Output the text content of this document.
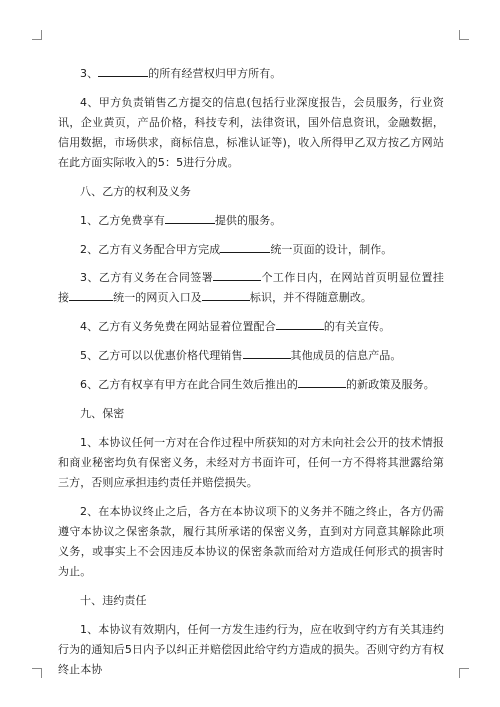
3、	的所有经营权归甲方所有。

4、甲方负责销售乙方提交的信息(包括行业深度报告，会员服务，行业资讯，企业黄页，产品价格，科技专利，法律资讯，国外信息资讯，金融数据，信用数据，市场供求，商标信息，标准认证等)，收入所得甲乙双方按乙方网站在此方面实际收入的5：5进行分成。

八、乙方的权利及义务

1、乙方免费享有	提供的服务。

2、乙方有义务配合甲方完成	统一页面的设计，制作。

3、乙方有义务在合同签署	个工作日内，在网站首页明显位置挂接	统一的网页入口及	标识，并不得随意删改。

4、乙方有义务免费在网站显着位置配合	的有关宣传。

5、乙方可以以优惠价格代理销售	其他成员的信息产品。

6、乙方有权享有甲方在此合同生效后推出的	的新政策及服务。

九、保密

1、本协议任何一方对在合作过程中所获知的对方未向社会公开的技术情报和商业秘密均负有保密义务，未经对方书面许可，任何一方不得将其泄露给第三方，否则应承担违约责任并赔偿损失。

2、在本协议终止之后，各方在本协议项下的义务并不随之终止，各方仍需遵守本协议之保密条款，履行其所承诺的保密义务，直到对方同意其解除此项义务，或事实上不会因违反本协议的保密条款而给对方造成任何形式的损害时为止。

十、违约责任

1、本协议有效期内，任何一方发生违约行为，应在收到守约方有关其违约行为的通知后5日内予以纠正并赔偿因此给守约方造成的损失。否则守约方有权终止本协
